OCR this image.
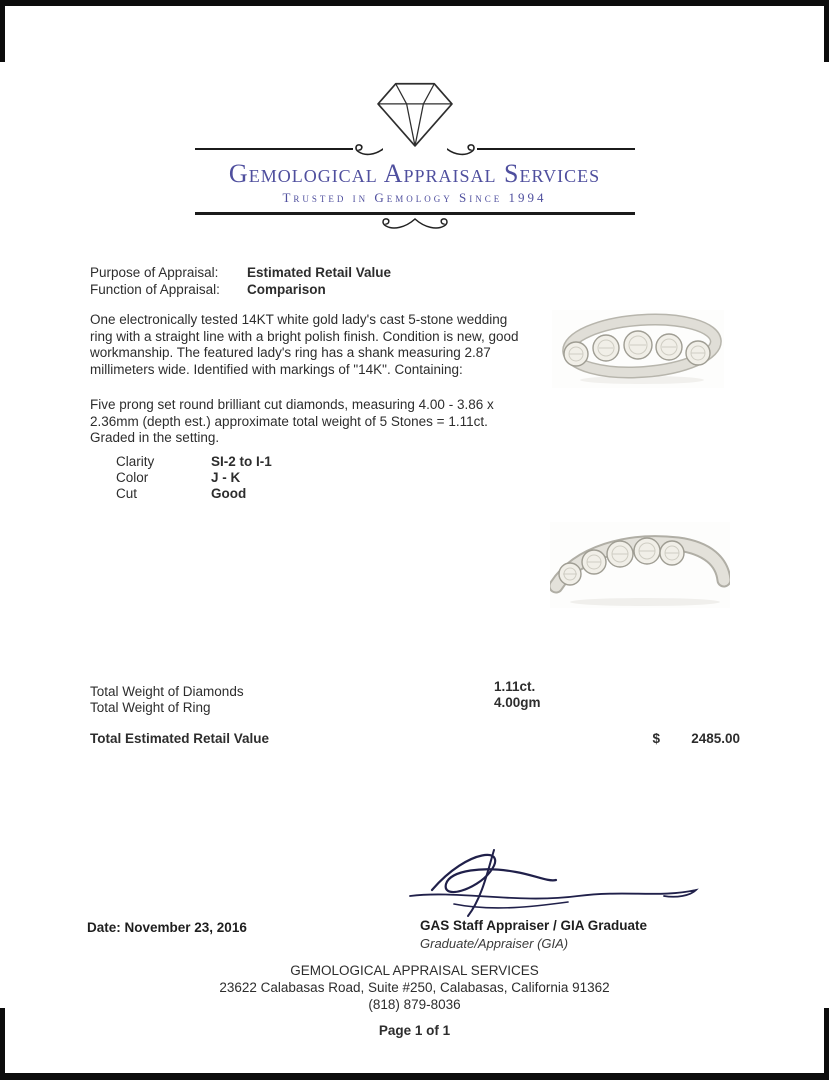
Gemological Appraisal Services
Trusted in Gemology Since 1994
Purpose of Appraisal:	Estimated Retail Value
Function of Appraisal:	Comparison

One electronically tested 14KT white gold lady's cast 5-stone wedding ring with a straight line with a bright polish finish. Condition is new, good workmanship. The featured lady's ring has a shank measuring 2.87 millimeters wide. Identified with markings of "14K". Containing:

Five prong set round brilliant cut diamonds, measuring 4.00 - 3.86 x 2.36mm (depth est.) approximate total weight of 5 Stones = 1.11ct. Graded in the setting.

Clarity	SI-2 to I-1
Color	J - K
Cut	Good
Total Weight of Diamonds	1.11ct.
Total Weight of Ring	4.00gm
Total Estimated Retail Value	$	2485.00
GAS Staff Appraiser / GIA Graduate
Graduate/Appraiser (GIA)
Date: November 23, 2016
GEMOLOGICAL APPRAISAL SERVICES
23622 Calabasas Road, Suite #250, Calabasas, California 91362
(818) 879-8036
Page 1 of 1
